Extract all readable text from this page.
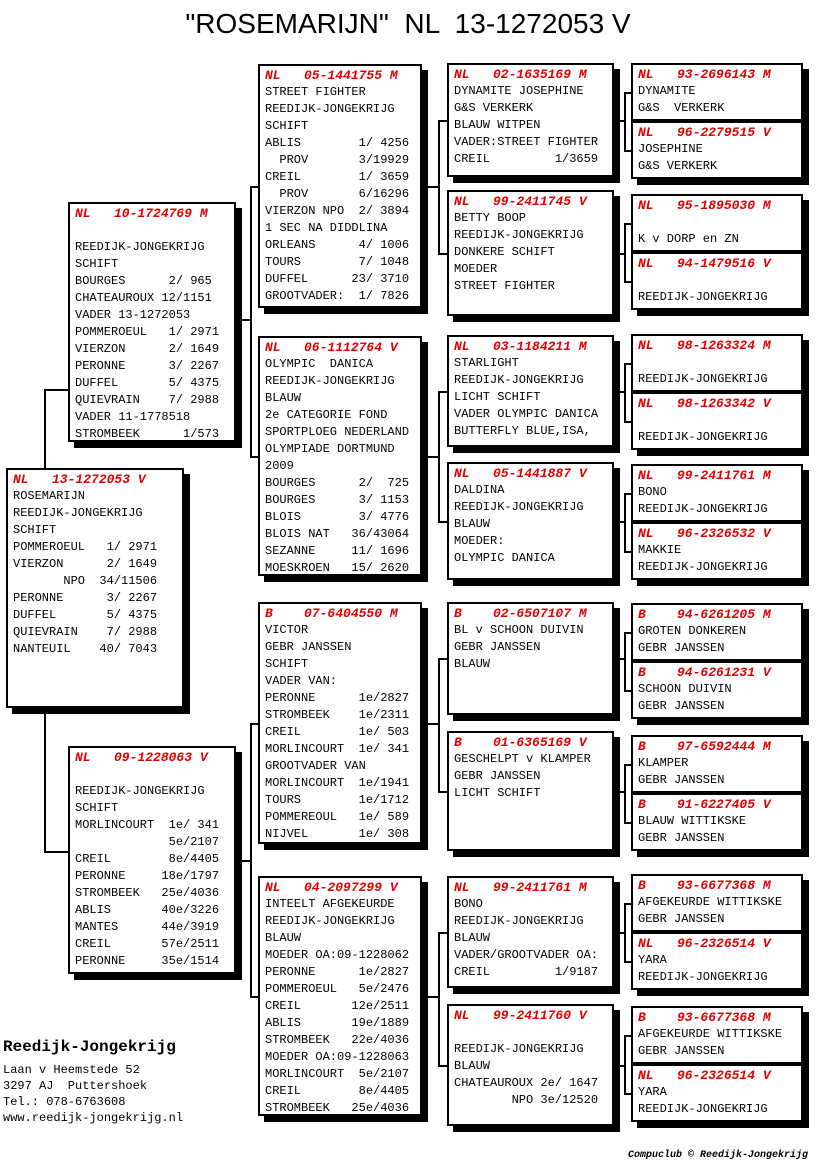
"ROSEMARIJN"  NL  13-1272053 V
NL   13-1272053 V
ROSEMARIJN
REEDIJK-JONGEKRIJG
SCHIFT
POMMEROEUL   1/ 2971
VIERZON      2/ 1649
NPO  34/11506
PERONNE      3/ 2267
DUFFEL       5/ 4375
QUIEVRAIN    7/ 2988
NANTEUIL    40/ 7043
NL   10-1724769 M

REEDIJK-JONGEKRIJG
SCHIFT
BOURGES      2/ 965
CHATEAUROUX 12/1151
VADER 13-1272053
POMMEROEUL   1/ 2971
VIERZON      2/ 1649
PERONNE      3/ 2267
DUFFEL       5/ 4375
QUIEVRAIN    7/ 2988
VADER 11-1778518
STROMBEEK      1/573
NL   09-1228063 V

REEDIJK-JONGEKRIJG
SCHIFT
MORLINCOURT  1e/ 341
5e/2107
CREIL        8e/4405
PERONNE     18e/1797
STROMBEEK   25e/4036
ABLIS       40e/3226
MANTES      44e/3919
CREIL       57e/2511
PERONNE     35e/1514
NL   05-1441755 M
STREET FIGHTER
REEDIJK-JONGEKRIJG
SCHIFT
ABLIS        1/ 4256
PROV       3/19929
CREIL        1/ 3659
PROV       6/16296
VIERZON NPO  2/ 3894
1 SEC NA DIDDLINA
ORLEANS      4/ 1006
TOURS        7/ 1048
DUFFEL      23/ 3710
GROOTVADER:  1/ 7826
NL   06-1112764 V
OLYMPIC  DANICA
REEDIJK-JONGEKRIJG
BLAUW
2e CATEGORIE FOND
SPORTPLOEG NEDERLAND
OLYMPIADE DORTMUND
2009
BOURGES      2/  725
BOURGES      3/ 1153
BLOIS        3/ 4776
BLOIS NAT   36/43064
SEZANNE     11/ 1696
MOESKROEN   15/ 2620
B    07-6404550 M
VICTOR
GEBR JANSSEN
SCHIFT
VADER VAN:
PERONNE      1e/2827
STROMBEEK    1e/2311
CREIL        1e/ 503
MORLINCOURT  1e/ 341
GROOTVADER VAN
MORLINCOURT  1e/1941
TOURS        1e/1712
POMMEREOUL   1e/ 589
NIJVEL       1e/ 308
NL   04-2097299 V
INTEELT AFGEKEURDE
REEDIJK-JONGEKRIJG
BLAUW
MOEDER OA:09-1228062
PERONNE      1e/2827
POMMEROEUL   5e/2476
CREIL       12e/2511
ABLIS       19e/1889
STROMBEEK   22e/4036
MOEDER OA:09-1228063
MORLINCOURT  5e/2107
CREIL        8e/4405
STROMBEEK   25e/4036
NL   02-1635169 M
DYNAMITE JOSEPHINE
G&S VERKERK
BLAUW WITPEN
VADER:STREET FIGHTER
CREIL         1/3659
NL   99-2411745 V
BETTY BOOP
REEDIJK-JONGEKRIJG
DONKERE SCHIFT
MOEDER
STREET FIGHTER
NL   03-1184211 M
STARLIGHT
REEDIJK-JONGEKRIJG
LICHT SCHIFT
VADER OLYMPIC DANICA
BUTTERFLY BLUE,ISA,
NL   05-1441887 V
DALDINA
REEDIJK-JONGEKRIJG
BLAUW
MOEDER:
OLYMPIC DANICA
B    02-6507107 M
BL v SCHOON DUIVIN
GEBR JANSSEN
BLAUW
B    01-6365169 V
GESCHELPT v KLAMPER
GEBR JANSSEN
LICHT SCHIFT
NL   99-2411761 M
BONO
REEDIJK-JONGEKRIJG
BLAUW
VADER/GROOTVADER OA:
CREIL         1/9187
NL   99-2411760 V

REEDIJK-JONGEKRIJG
BLAUW
CHATEAUROUX 2e/ 1647
NPO 3e/12520
NL   93-2696143 M
DYNAMITE
G&S  VERKERK
NL   96-2279515 V
JOSEPHINE
G&S VERKERK
NL   95-1895030 M

K v DORP en ZN
NL   94-1479516 V

REEDIJK-JONGEKRIJG
NL   98-1263324 M

REEDIJK-JONGEKRIJG
NL   98-1263342 V

REEDIJK-JONGEKRIJG
NL   99-2411761 M
BONO
REEDIJK-JONGEKRIJG
NL   96-2326532 V
MAKKIE
REEDIJK-JONGEKRIJG
B    94-6261205 M
GROTEN DONKEREN
GEBR JANSSEN
B    94-6261231 V
SCHOON DUIVIN
GEBR JANSSEN
B    97-6592444 M
KLAMPER
GEBR JANSSEN
B    91-6227405 V
BLAUW WITTIKSKE
GEBR JANSSEN
B    93-6677368 M
AFGEKEURDE WITTIKSKE
GEBR JANSSEN
NL   96-2326514 V
YARA
REEDIJK-JONGEKRIJG
B    93-6677368 M
AFGEKEURDE WITTIKSKE
GEBR JANSSEN
NL   96-2326514 V
YARA
REEDIJK-JONGEKRIJG
Reedijk-Jongekrijg
Laan v Heemstede 52
3297 AJ  Puttershoek
Tel.: 078-6763608
www.reedijk-jongekrijg.nl
Compuclub © Reedijk-Jongekrijg
